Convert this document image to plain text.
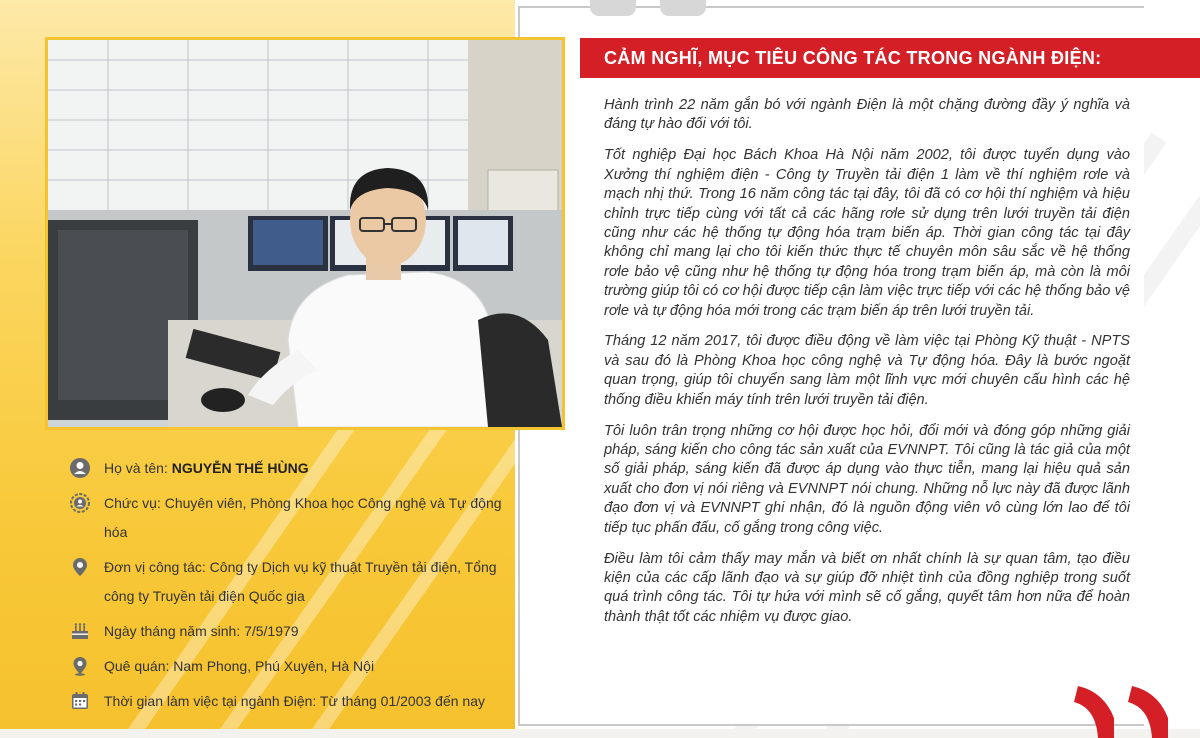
CẢM NGHĨ, MỤC TIÊU CÔNG TÁC TRONG NGÀNH ĐIỆN:

Hành trình 22 năm gắn bó với ngành Điện là một chặng đường đầy ý nghĩa và đáng tự hào đối với tôi.

Tốt nghiệp Đại học Bách Khoa Hà Nội năm 2002, tôi được tuyển dụng vào Xưởng thí nghiệm điện - Công ty Truyền tải điện 1 làm về thí nghiệm rơle và mạch nhị thứ. Trong 16 năm công tác tại đây, tôi đã có cơ hội thí nghiệm và hiệu chỉnh trực tiếp cùng với tất cả các hãng rơle sử dụng trên lưới truyền tải điện cũng như các hệ thống tự động hóa trạm biến áp. Thời gian công tác tại đây không chỉ mang lại cho tôi kiến thức thực tế chuyên môn sâu sắc về hệ thống rơle bảo vệ cũng như hệ thống tự động hóa trong trạm biến áp, mà còn là môi trường giúp tôi có cơ hội được tiếp cận làm việc trực tiếp với các hệ thống bảo vệ rơle và tự động hóa mới trong các trạm biến áp trên lưới truyền tải.

Tháng 12 năm 2017, tôi được điều động về làm việc tại Phòng Kỹ thuật - NPTS và sau đó là Phòng Khoa học công nghệ và Tự động hóa. Đây là bước ngoặt quan trọng, giúp tôi chuyển sang làm một lĩnh vực mới chuyên cấu hình các hệ thống điều khiển máy tính trên lưới truyền tải điện.

Tôi luôn trân trọng những cơ hội được học hỏi, đổi mới và đóng góp những giải pháp, sáng kiến cho công tác sản xuất của EVNNPT. Tôi cũng là tác giả của một số giải pháp, sáng kiến đã được áp dụng vào thực tiễn, mang lại hiệu quả sản xuất cho đơn vị nói riêng và EVNNPT nói chung. Những nỗ lực này đã được lãnh đạo đơn vị và EVNNPT ghi nhận, đó là nguồn động viên vô cùng lớn lao để tôi tiếp tục phấn đấu, cố gắng trong công việc.

Điều làm tôi cảm thấy may mắn và biết ơn nhất chính là sự quan tâm, tạo điều kiện của các cấp lãnh đạo và sự giúp đỡ nhiệt tình của đồng nghiệp trong suốt quá trình công tác. Tôi tự hứa với mình sẽ cố gắng, quyết tâm hơn nữa để hoàn thành thật tốt các nhiệm vụ được giao.

Họ và tên: NGUYỄN THẾ HÙNG
Chức vụ: Chuyên viên, Phòng Khoa học Công nghệ và Tự động hóa
Đơn vị công tác: Công ty Dịch vụ kỹ thuật Truyền tải điện, Tổng công ty Truyền tải điện Quốc gia
Ngày tháng năm sinh: 7/5/1979
Quê quán: Nam Phong, Phú Xuyên, Hà Nội
Thời gian làm việc tại ngành Điện: Từ tháng 01/2003 đến nay
